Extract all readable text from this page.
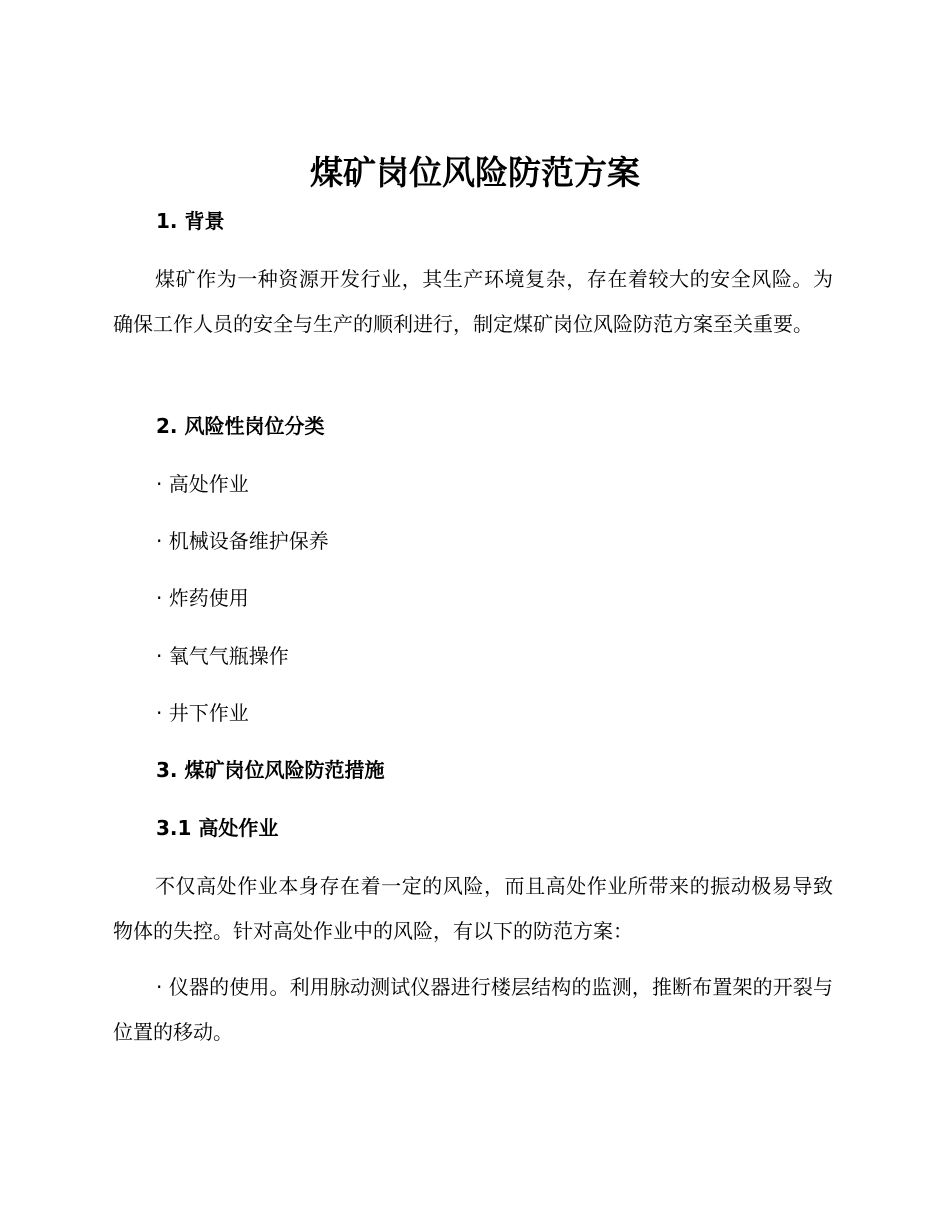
煤矿岗位风险防范方案
1. 背景

煤矿作为一种资源开发行业，其生产环境复杂，存在着较大的安全风险。为确保工作人员的安全与生产的顺利进行，制定煤矿岗位风险防范方案至关重要。

2. 风险性岗位分类

· 高处作业

· 机械设备维护保养

· 炸药使用

· 氧气气瓶操作

· 井下作业

3. 煤矿岗位风险防范措施
3.1 高处作业

不仅高处作业本身存在着一定的风险，而且高处作业所带来的振动极易导致物体的失控。针对高处作业中的风险，有以下的防范方案：

· 仪器的使用。利用脉动测试仪器进行楼层结构的监测，推断布置架的开裂与位置的移动。
